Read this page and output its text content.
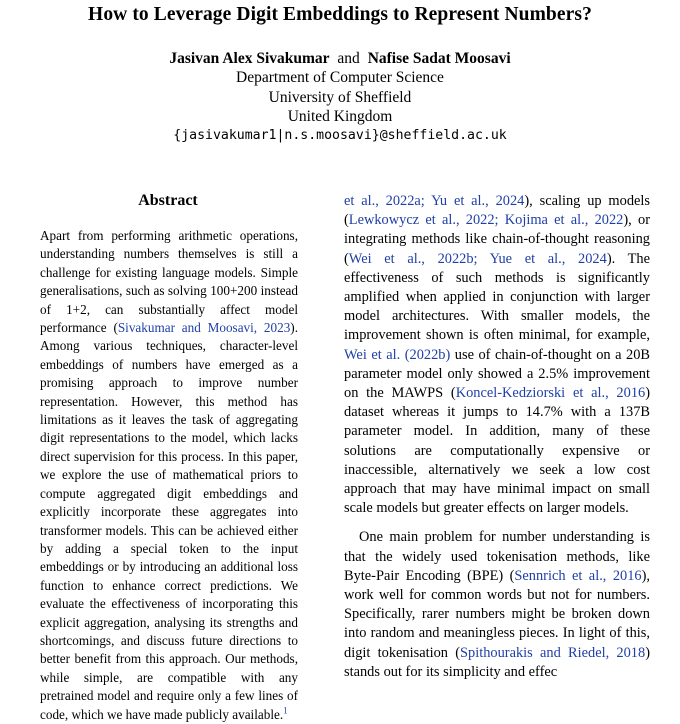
How to Leverage Digit Embeddings to Represent Numbers?
Jasivan Alex Sivakumar and Nafise Sadat Moosavi
Department of Computer Science
University of Sheffield
United Kingdom
{jasivakumar1|n.s.moosavi}@sheffield.ac.uk
Abstract
Apart from performing arithmetic operations, understanding numbers themselves is still a challenge for existing language models. Simple generalisations, such as solving 100+200 instead of 1+2, can substantially affect model performance (Sivakumar and Moosavi, 2023). Among various techniques, character-level embeddings of numbers have emerged as a promising approach to improve number representation. However, this method has limitations as it leaves the task of aggregating digit representations to the model, which lacks direct supervision for this process. In this paper, we explore the use of mathematical priors to compute aggregated digit embeddings and explicitly incorporate these aggregates into transformer models. This can be achieved either by adding a special token to the input embeddings or by introducing an additional loss function to enhance correct predictions. We evaluate the effectiveness of incorporating this explicit aggregation, analysing its strengths and shortcomings, and discuss future directions to better benefit from this approach. Our methods, while simple, are compatible with any pretrained model and require only a few lines of code, which we have made publicly available.$^1$

et al., 2022a; Yu et al., 2024), scaling up models (Lewkowycz et al., 2022; Kojima et al., 2022), or integrating methods like chain-of-thought reasoning (Wei et al., 2022b; Yue et al., 2024). The effectiveness of such methods is significantly amplified when applied in conjunction with larger model architectures. With smaller models, the improvement shown is often minimal, for example, Wei et al. (2022b) use of chain-of-thought on a 20B parameter model only showed a 2.5% improvement on the MAWPS (Koncel-Kedziorski et al., 2016) dataset whereas it jumps to 14.7% with a 137B parameter model. In addition, many of these solutions are computationally expensive or inaccessible, alternatively we seek a low cost approach that may have minimal impact on small scale models but greater effects on larger models.

One main problem for number understanding is that the widely used tokenisation methods, like Byte-Pair Encoding (BPE) (Sennrich et al., 2016), work well for common words but not for numbers. Specifically, rarer numbers might be broken down into random and meaningless pieces. In light of this, digit tokenisation (Spithourakis and Riedel, 2018) stands out for its simplicity and effec
